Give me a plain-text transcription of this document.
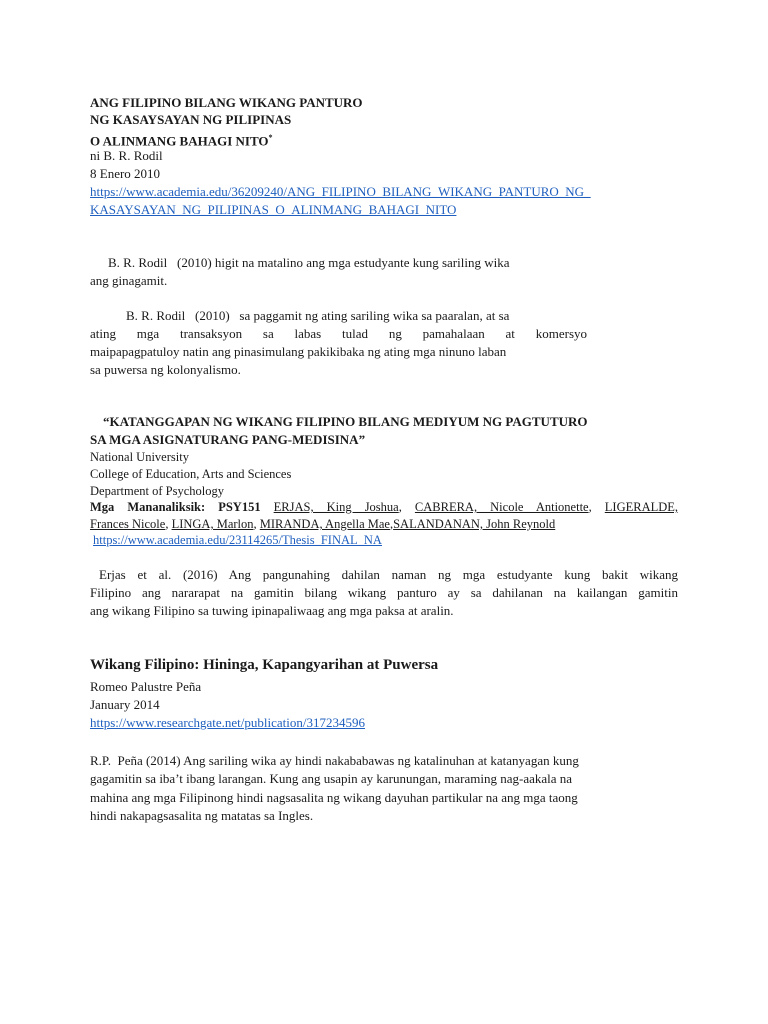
ANG FILIPINO BILANG WIKANG PANTURO
NG KASAYSAYAN NG PILIPINAS
O ALINMANG BAHAGI NITO*
ni B. R. Rodil
8 Enero 2010
https://www.academia.edu/36209240/ANG_FILIPINO_BILANG_WIKANG_PANTURO_NG_
KASAYSAYAN_NG_PILIPINAS_O_ALINMANG_BAHAGI_NITO
B. R. Rodil   (2010) higit na matalino ang mga estudyante kung sariling wika
ang ginagamit.
B. R. Rodil   (2010)   sa paggamit ng ating sariling wika sa paaralan, at sa
ating mga transaksyon sa labas tulad ng pamahalaan at komersyo
maipapagpatuloy natin ang pinasimulang pakikibaka ng ating mga ninuno laban
sa puwersa ng kolonyalismo.
“KATANGGAPAN NG WIKANG FILIPINO BILANG MEDIYUM NG PAGTUTURO
SA MGA ASIGNATURANG PANG-MEDISINA”
National University
College of Education, Arts and Sciences
Department of Psychology
Mga Mananaliksik: PSY151 ERJAS, King Joshua, CABRERA, Nicole Antionette, LIGERALDE,
Frances Nicole, LINGA, Marlon, MIRANDA, Angella Mae,SALANDANAN, John Reynold
https://www.academia.edu/23114265/Thesis_FINAL_NA
Erjas et al. (2016) Ang pangunahing dahilan naman ng mga estudyante kung bakit wikang
Filipino ang nararapat na gamitin bilang wikang panturo ay sa dahilanan na kailangan gamitin
ang wikang Filipino sa tuwing ipinapaliwaag ang mga paksa at aralin.
Wikang Filipino: Hininga, Kapangyarihan at Puwersa
Romeo Palustre Peña
January 2014
https://www.researchgate.net/publication/317234596
R.P.  Peña (2014) Ang sariling wika ay hindi nakababawas ng katalinuhan at katanyagan kung
gagamitin sa iba’t ibang larangan. Kung ang usapin ay karunungan, maraming nag-aakala na
mahina ang mga Filipinong hindi nagsasalita ng wikang dayuhan partikular na ang mga taong
hindi nakapagsasalita ng matatas sa Ingles.
